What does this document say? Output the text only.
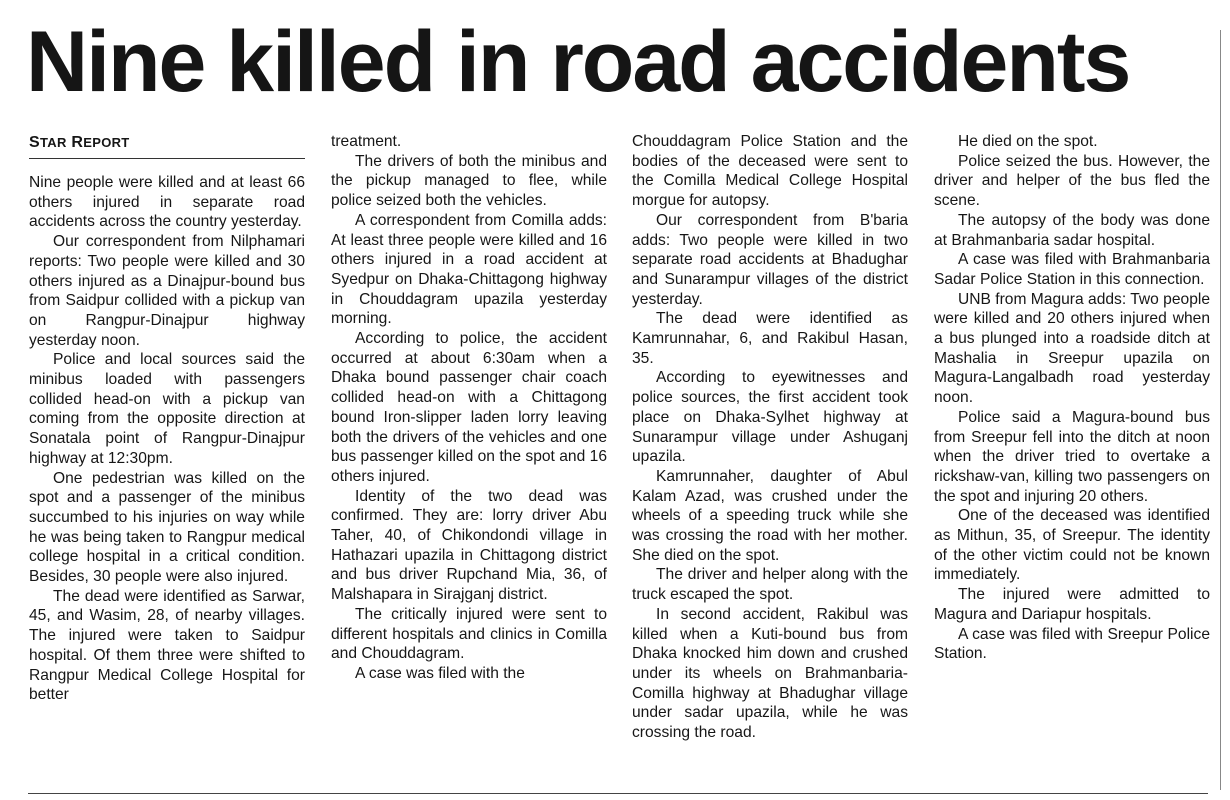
Nine killed in road accidents
STAR REPORT

Nine people were killed and at least 66 others injured in separate road accidents across the country yesterday.

Our correspondent from Nilphamari reports: Two people were killed and 30 others injured as a Dinajpur-bound bus from Saidpur collided with a pickup van on Rangpur-Dinajpur highway yesterday noon.

Police and local sources said the minibus loaded with passengers collided head-on with a pickup van coming from the opposite direction at Sonatala point of Rangpur-Dinajpur highway at 12:30pm.

One pedestrian was killed on the spot and a passenger of the minibus succumbed to his injuries on way while he was being taken to Rangpur medical college hospital in a critical condition. Besides, 30 people were also injured.

The dead were identified as Sarwar, 45, and Wasim, 28, of nearby villages. The injured were taken to Saidpur hospital. Of them three were shifted to Rangpur Medical College Hospital for better

treatment.

The drivers of both the minibus and the pickup managed to flee, while police seized both the vehicles.

A correspondent from Comilla adds: At least three people were killed and 16 others injured in a road accident at Syedpur on Dhaka-Chittagong highway in Chouddagram upazila yesterday morning.

According to police, the accident occurred at about 6:30am when a Dhaka bound passenger chair coach collided head-on with a Chittagong bound Iron-slipper laden lorry leaving both the drivers of the vehicles and one bus passenger killed on the spot and 16 others injured.

Identity of the two dead was confirmed. They are: lorry driver Abu Taher, 40, of Chikondondi village in Hathazari upazila in Chittagong district and bus driver Rupchand Mia, 36, of Malshapara in Sirajganj district.

The critically injured were sent to different hospitals and clinics in Comilla and Chouddagram.

A case was filed with the

Chouddagram Police Station and the bodies of the deceased were sent to the Comilla Medical College Hospital morgue for autopsy.

Our correspondent from B'baria adds: Two people were killed in two separate road accidents at Bhadughar and Sunarampur villages of the district yesterday.

The dead were identified as Kamrunnahar, 6, and Rakibul Hasan, 35.

According to eyewitnesses and police sources, the first accident took place on Dhaka-Sylhet highway at Sunarampur village under Ashuganj upazila.

Kamrunnaher, daughter of Abul Kalam Azad, was crushed under the wheels of a speeding truck while she was crossing the road with her mother. She died on the spot.

The driver and helper along with the truck escaped the spot.

In second accident, Rakibul was killed when a Kuti-bound bus from Dhaka knocked him down and crushed under its wheels on Brahmanbaria-Comilla highway at Bhadughar village under sadar upazila, while he was crossing the road.

He died on the spot.

Police seized the bus. However, the driver and helper of the bus fled the scene.

The autopsy of the body was done at Brahmanbaria sadar hospital.

A case was filed with Brahmanbaria Sadar Police Station in this connection.

UNB from Magura adds: Two people were killed and 20 others injured when a bus plunged into a roadside ditch at Mashalia in Sreepur upazila on Magura-Langalbadh road yesterday noon.

Police said a Magura-bound bus from Sreepur fell into the ditch at noon when the driver tried to overtake a rickshaw-van, killing two passengers on the spot and injuring 20 others.

One of the deceased was identified as Mithun, 35, of Sreepur. The identity of the other victim could not be known immediately.

The injured were admitted to Magura and Dariapur hospitals.

A case was filed with Sreepur Police Station.
